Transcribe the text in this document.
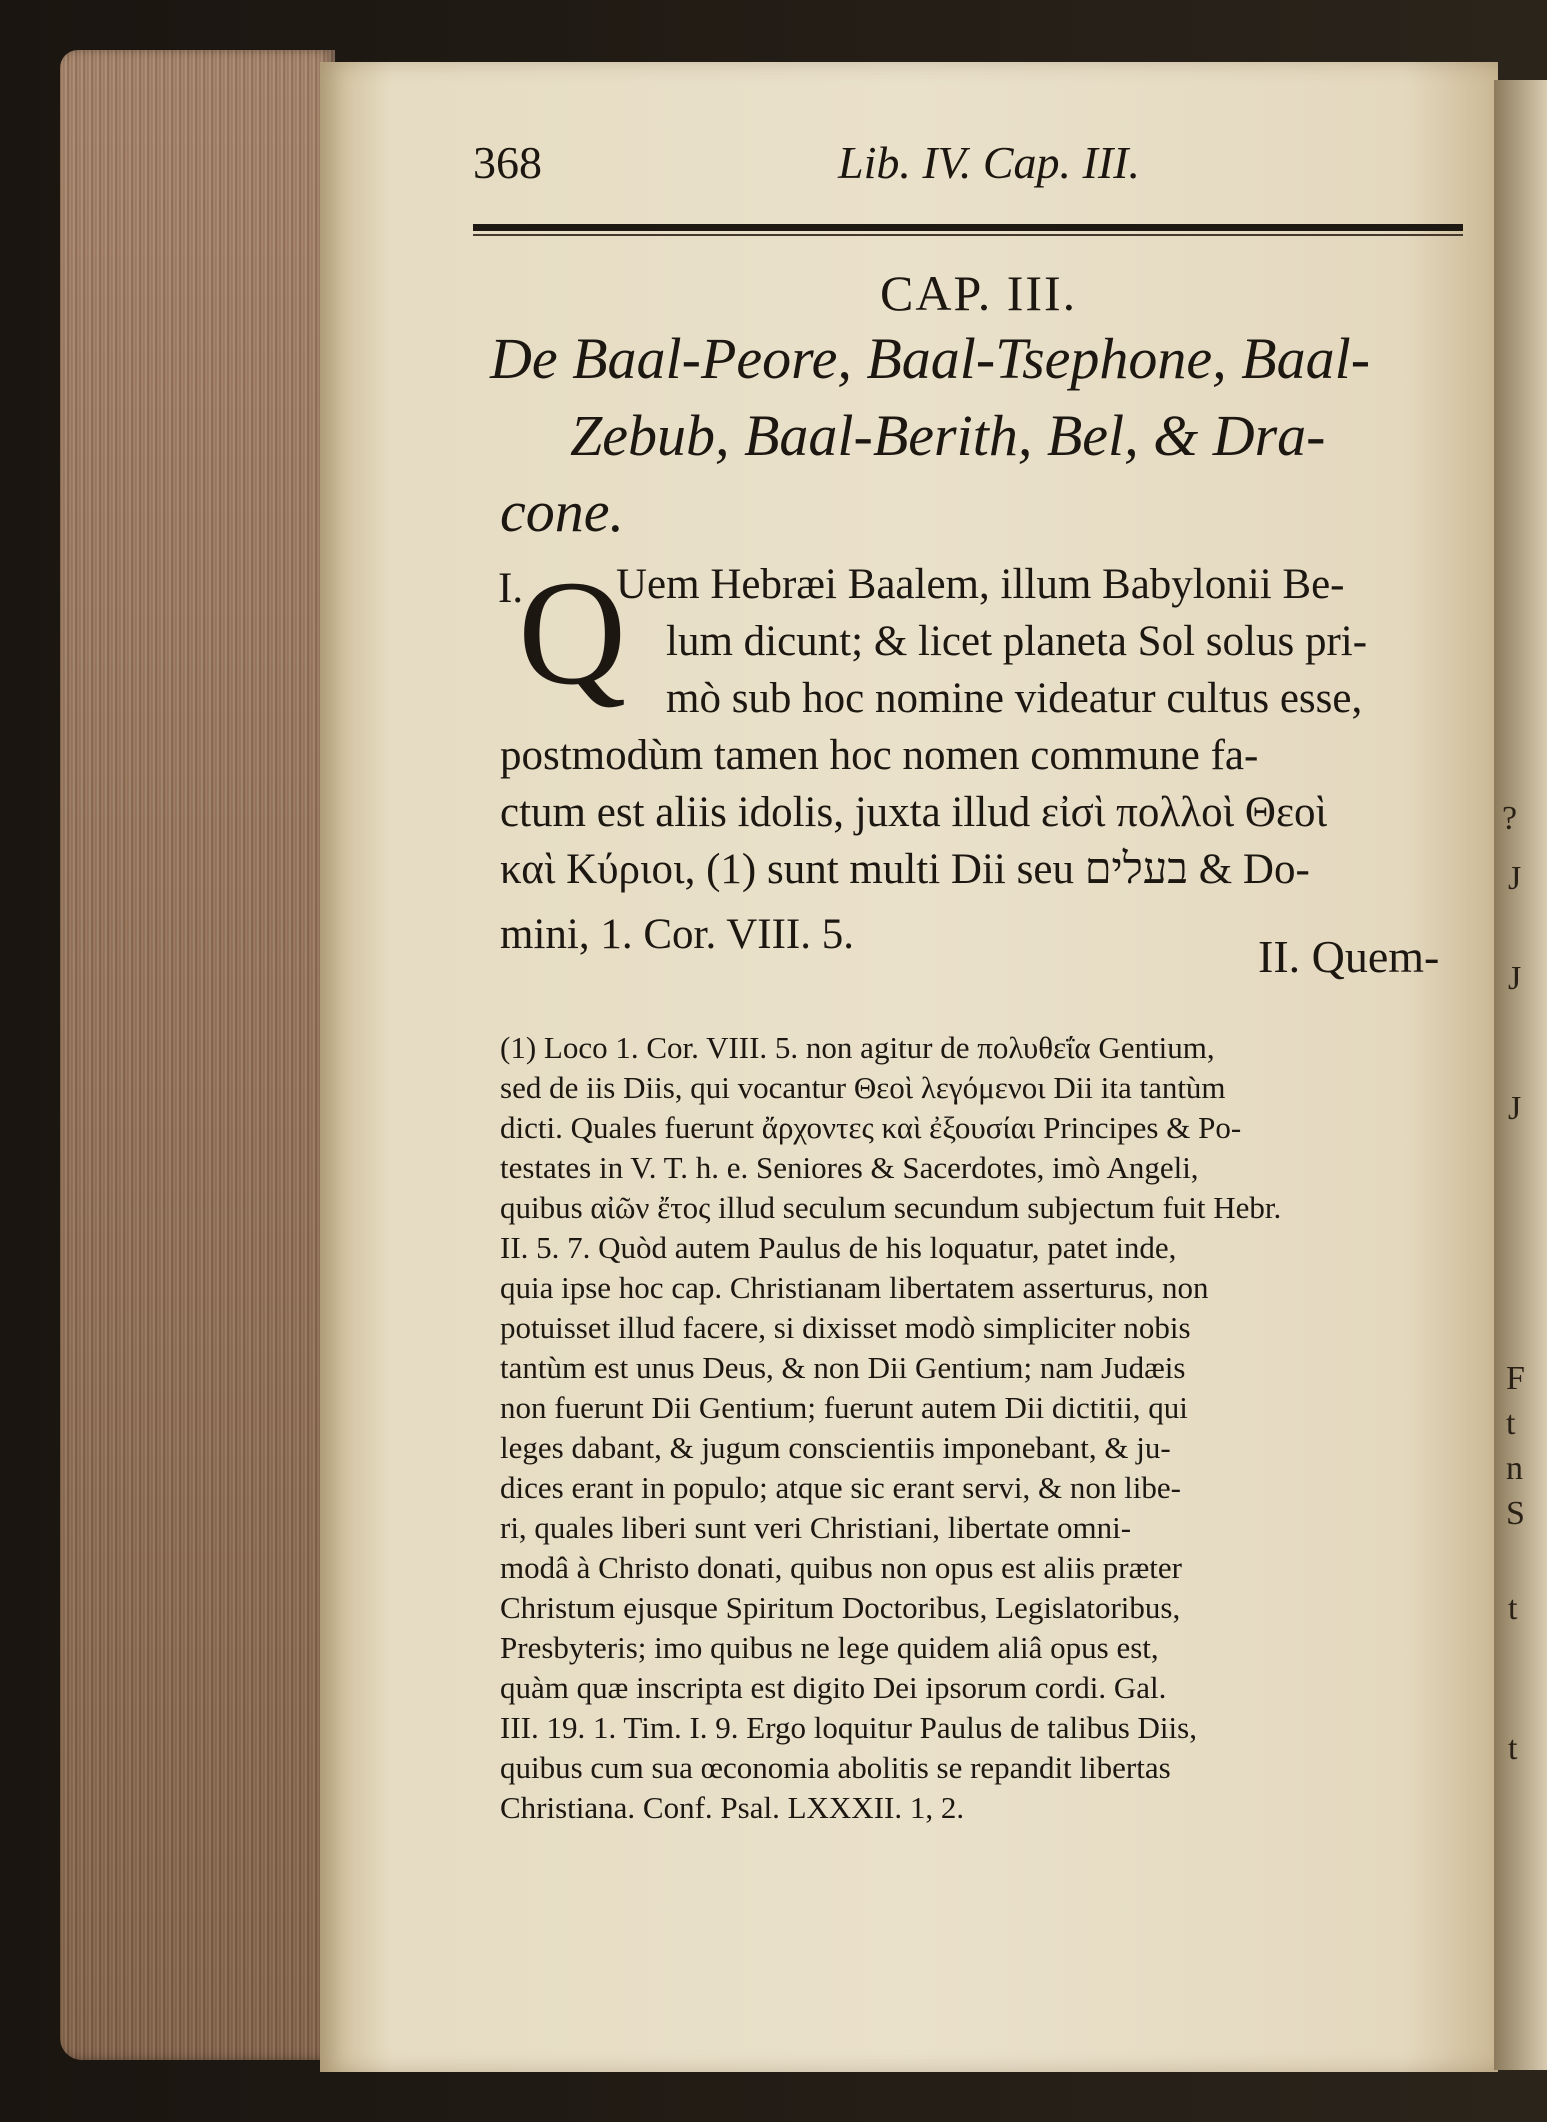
?
J
J
J
F
t
n
S
t
t
368	Lib. IV. Cap. III.
CAP. III.
De Baal-Peore, Baal-Tsephone, Baal-
Zebub, Baal-Berith, Bel, & Dra-
cone.
I.
Q
Uem Hebræi Baalem, illum Babylonii Be-
lum dicunt; & licet planeta Sol solus pri-
mò sub hoc nomine videatur cultus esse,
postmodùm tamen hoc nomen commune fa-
ctum est aliis idolis, juxta illud εἰσὶ πολλοὶ Θεοὶ
καὶ Κύριοι, (1) sunt multi Dii seu בעלים & Do-
mini, 1. Cor. VIII. 5.	II. Quem-
(1) Loco 1. Cor. VIII. 5. non agitur de πολυθεΐα Gentium,
sed de iis Diis, qui vocantur Θεοὶ λεγόμενοι Dii ita tantùm
dicti. Quales fuerunt ἄρχοντες καὶ ἐξουσίαι Principes & Po-
testates in V. T. h. e. Seniores & Sacerdotes, imò Angeli,
quibus αἰῶν ἔτος illud seculum secundum subjectum fuit Hebr.
II. 5. 7. Quòd autem Paulus de his loquatur, patet inde,
quia ipse hoc cap. Christianam libertatem asserturus, non
potuisset illud facere, si dixisset modò simpliciter nobis
tantùm est unus Deus, & non Dii Gentium; nam Judæis
non fuerunt Dii Gentium; fuerunt autem Dii dictitii, qui
leges dabant, & jugum conscientiis imponebant, & ju-
dices erant in populo; atque sic erant servi, & non libe-
ri, quales liberi sunt veri Christiani, libertate omni-
modâ à Christo donati, quibus non opus est aliis præter
Christum ejusque Spiritum Doctoribus, Legislatoribus,
Presbyteris; imo quibus ne lege quidem aliâ opus est,
quàm quæ inscripta est digito Dei ipsorum cordi. Gal.
III. 19. 1. Tim. I. 9. Ergo loquitur Paulus de talibus Diis,
quibus cum sua œconomia abolitis se repandit libertas
Christiana. Conf. Psal. LXXXII. 1, 2.
